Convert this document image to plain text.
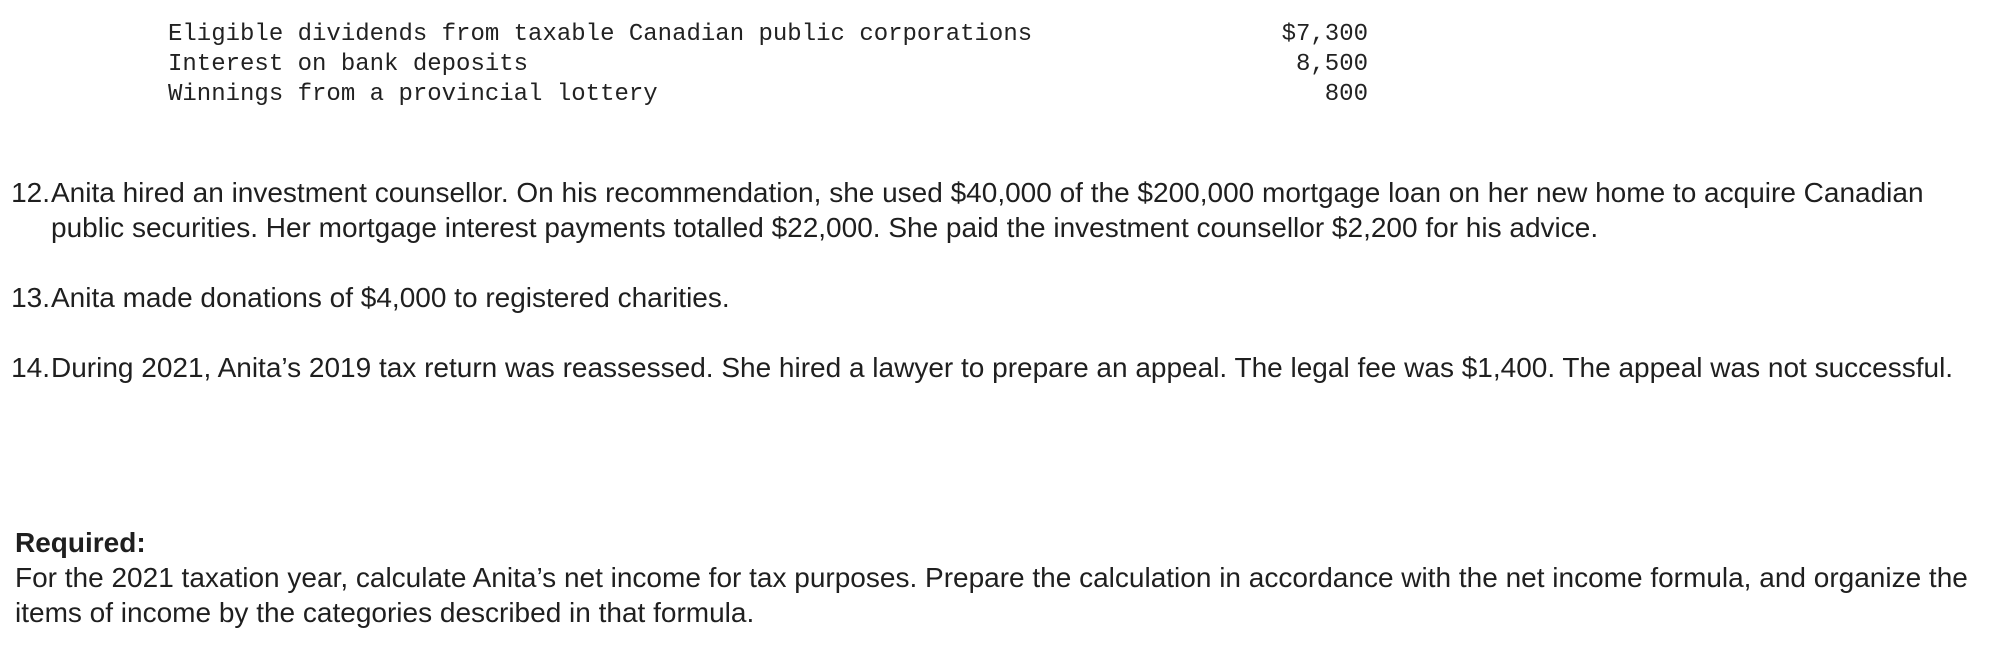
Eligible dividends from taxable Canadian public corporations	$7,300
Interest on bank deposits	8,500
Winnings from a provincial lottery	800
12. Anita hired an investment counsellor. On his recommendation, she used $40,000 of the $200,000 mortgage loan on her new home to acquire Canadian public securities. Her mortgage interest payments totalled $22,000. She paid the investment counsellor $2,200 for his advice.
13. Anita made donations of $4,000 to registered charities.
14. During 2021, Anita’s 2019 tax return was reassessed. She hired a lawyer to prepare an appeal. The legal fee was $1,400. The appeal was not successful.
Required:
For the 2021 taxation year, calculate Anita’s net income for tax purposes. Prepare the calculation in accordance with the net income formula, and organize the items of income by the categories described in that formula.
